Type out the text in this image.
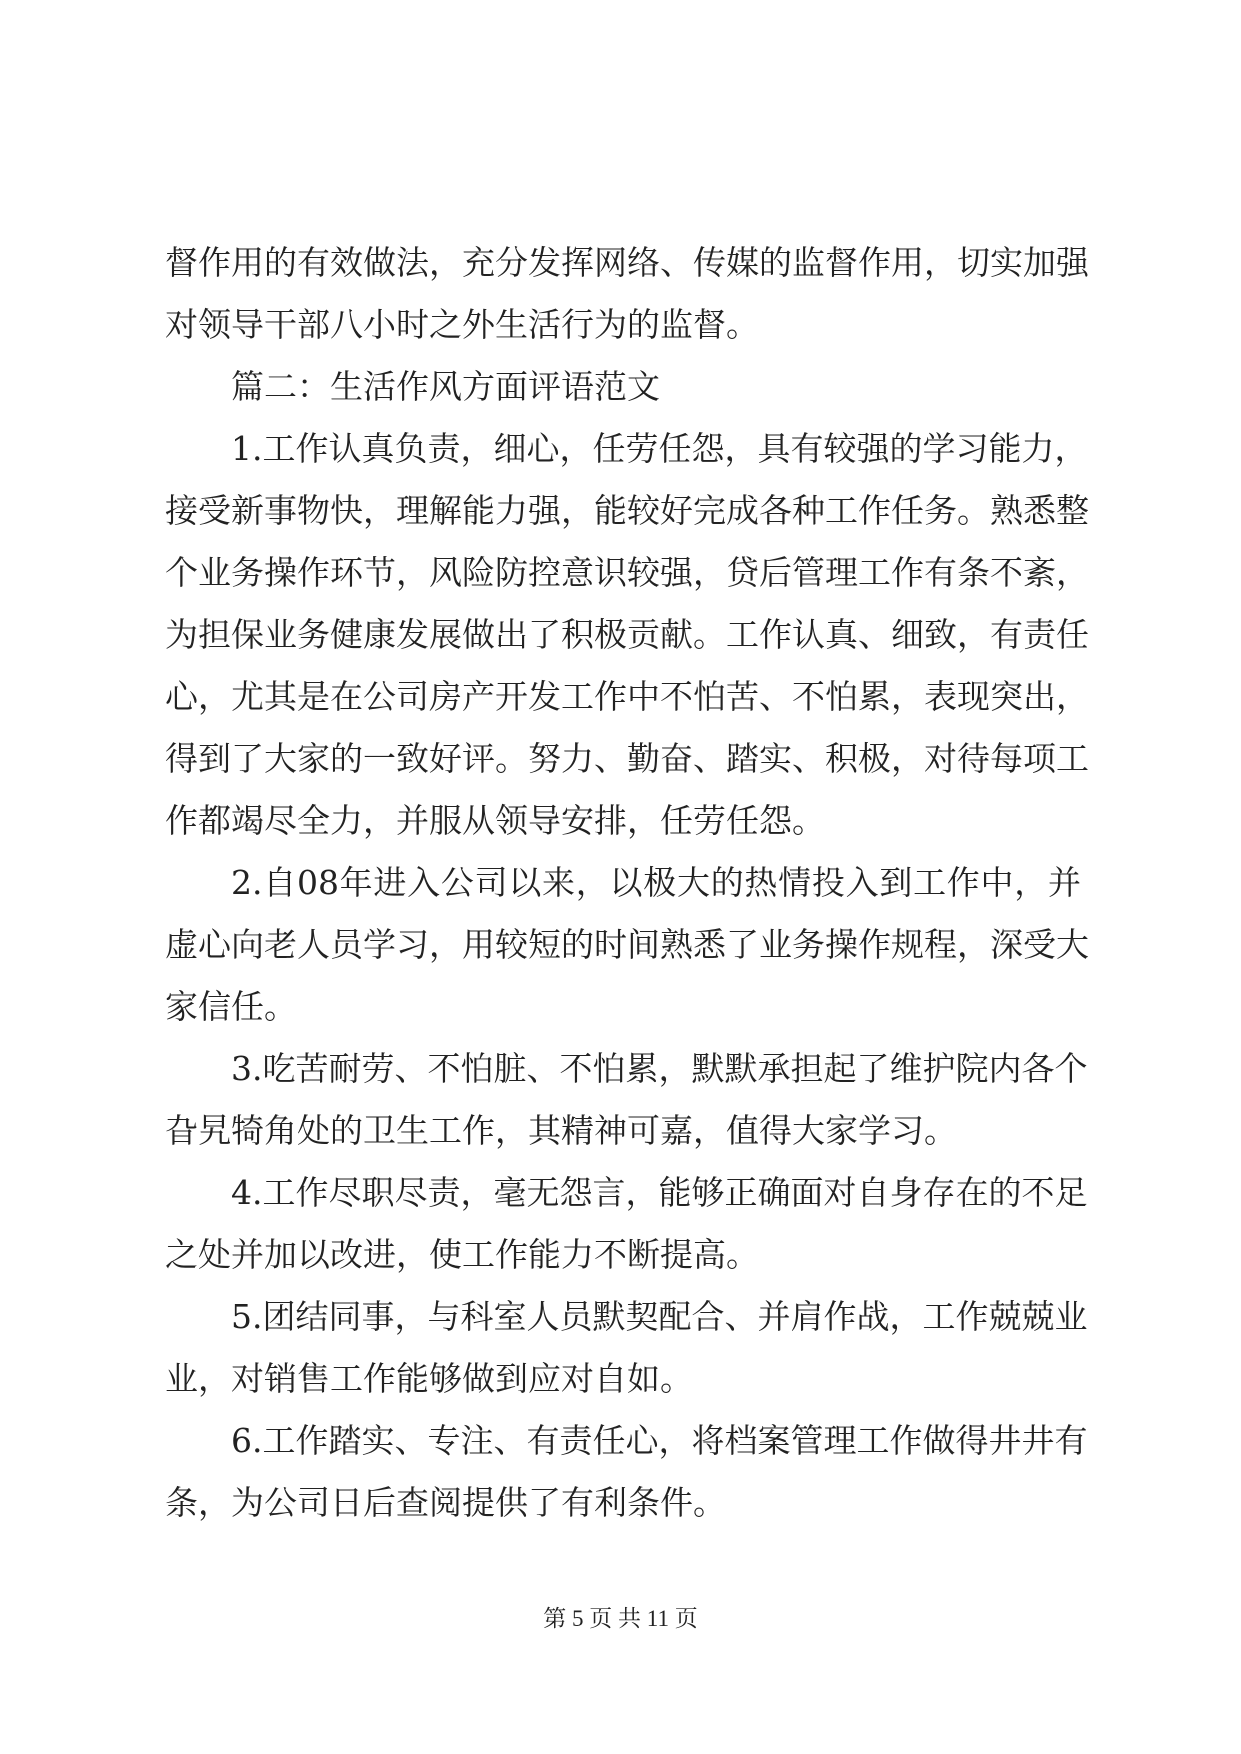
督作用的有效做法，充分发挥网络、传媒的监督作用，切实加强
对领导干部八小时之外生活行为的监督。
篇二：生活作风方面评语范文
1.工作认真负责，细心，任劳任怨，具有较强的学习能力，
接受新事物快，理解能力强，能较好完成各种工作任务。熟悉整
个业务操作环节，风险防控意识较强，贷后管理工作有条不紊，
为担保业务健康发展做出了积极贡献。工作认真、细致，有责任
心，尤其是在公司房产开发工作中不怕苦、不怕累，表现突出，
得到了大家的一致好评。努力、勤奋、踏实、积极，对待每项工
作都竭尽全力，并服从领导安排，任劳任怨。
2.自08年进入公司以来，以极大的热情投入到工作中，并
虚心向老人员学习，用较短的时间熟悉了业务操作规程，深受大
家信任。
3.吃苦耐劳、不怕脏、不怕累，默默承担起了维护院内各个
旮旯犄角处的卫生工作，其精神可嘉，值得大家学习。
4.工作尽职尽责，毫无怨言，能够正确面对自身存在的不足
之处并加以改进，使工作能力不断提高。
5.团结同事，与科室人员默契配合、并肩作战，工作兢兢业
业，对销售工作能够做到应对自如。
6.工作踏实、专注、有责任心，将档案管理工作做得井井有
条，为公司日后查阅提供了有利条件。
第 5 页 共 11 页
